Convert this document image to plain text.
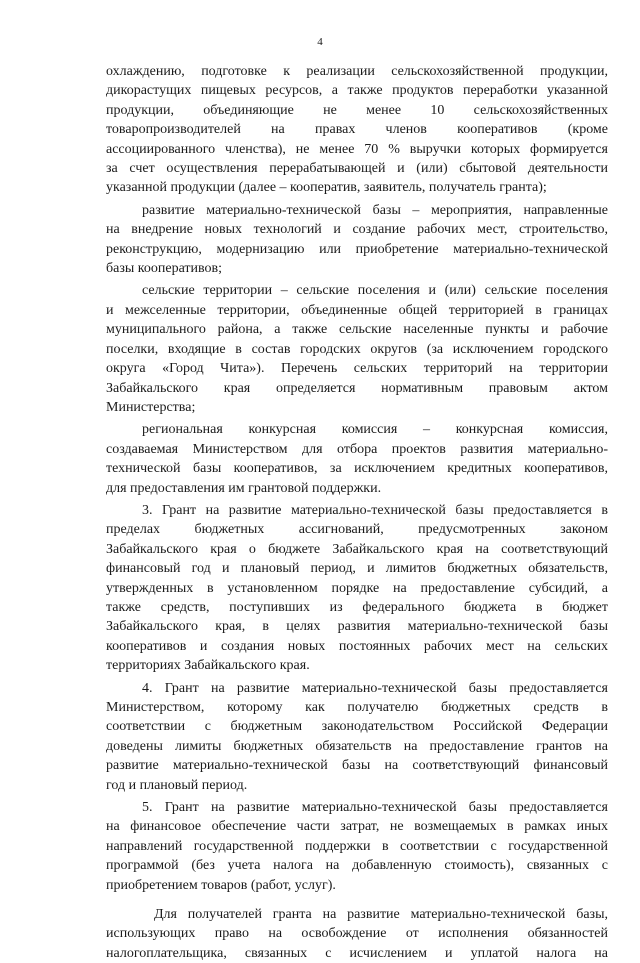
4
охлаждению, подготовке к реализации сельскохозяйственной продукции,
дикорастущих пищевых ресурсов, а также продуктов переработки указанной
продукции, объединяющие не менее 10 сельскохозяйственных
товаропроизводителей на правах членов кооперативов (кроме
ассоциированного членства), не менее 70 % выручки которых формируется
за счет осуществления перерабатывающей и (или) сбытовой деятельности
указанной продукции (далее – кооператив, заявитель, получатель гранта);
развитие материально-технической базы – мероприятия, направленные
на внедрение новых технологий и создание рабочих мест, строительство,
реконструкцию, модернизацию или приобретение материально-технической
базы кооперативов;
сельские территории – сельские поселения и (или) сельские поселения
и межселенные территории, объединенные общей территорией в границах
муниципального района, а также сельские населенные пункты и рабочие
поселки, входящие в состав городских округов (за исключением городского
округа «Город Чита»). Перечень сельских территорий на территории
Забайкальского края определяется нормативным правовым актом
Министерства;
региональная конкурсная комиссия – конкурсная комиссия,
создаваемая Министерством для отбора проектов развития материально-
технической базы кооперативов, за исключением кредитных кооперативов,
для предоставления им грантовой поддержки.
3. Грант на развитие материально-технической базы предоставляется в
пределах бюджетных ассигнований, предусмотренных законом
Забайкальского края о бюджете Забайкальского края на соответствующий
финансовый год и плановый период, и лимитов бюджетных обязательств,
утвержденных в установленном порядке на предоставление субсидий, а
также средств, поступивших из федерального бюджета в бюджет
Забайкальского края, в целях развития материально-технической базы
кооперативов и создания новых постоянных рабочих мест на сельских
территориях Забайкальского края.
4. Грант на развитие материально-технической базы предоставляется
Министерством, которому как получателю бюджетных средств в
соответствии с бюджетным законодательством Российской Федерации
доведены лимиты бюджетных обязательств на предоставление грантов на
развитие материально-технической базы на соответствующий финансовый
год и плановый период.
5. Грант на развитие материально-технической базы предоставляется
на финансовое обеспечение части затрат, не возмещаемых в рамках иных
направлений государственной поддержки в соответствии с государственной
программой (без учета налога на добавленную стоимость), связанных с
приобретением товаров (работ, услуг).
Для получателей гранта на развитие материально-технической базы,
использующих право на освобождение от исполнения обязанностей
налогоплательщика, связанных с исчислением и уплатой налога на
